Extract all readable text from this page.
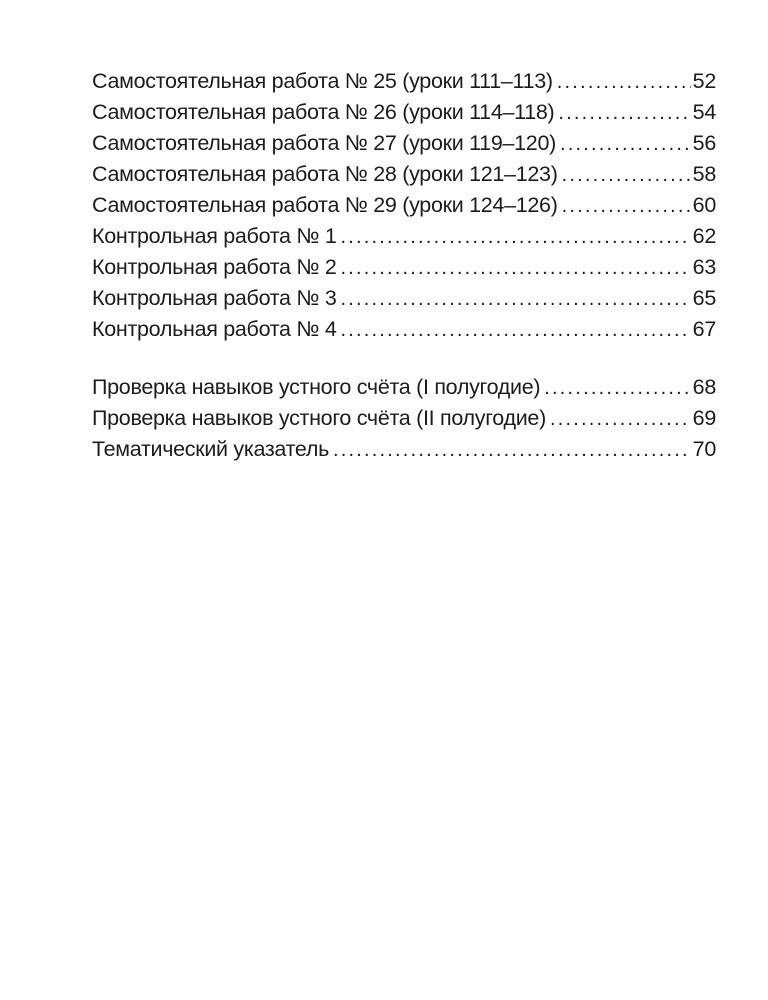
Самостоятельная работа № 25 (уроки 111–113) .....	52
Самостоятельная работа № 26 (уроки 114–118) .....	54
Самостоятельная работа № 27 (уроки 119–120) .....	56
Самостоятельная работа № 28 (уроки 121–123) .....	58
Самостоятельная работа № 29 (уроки 124–126) .....	60
Контрольная работа № 1 .....	62
Контрольная работа № 2 .....	63
Контрольная работа № 3 .....	65
Контрольная работа № 4 .....	67
Проверка навыков устного счёта (I полугодие) .....	68
Проверка навыков устного счёта (II полугодие) .....	69
Тематический указатель .....	70
